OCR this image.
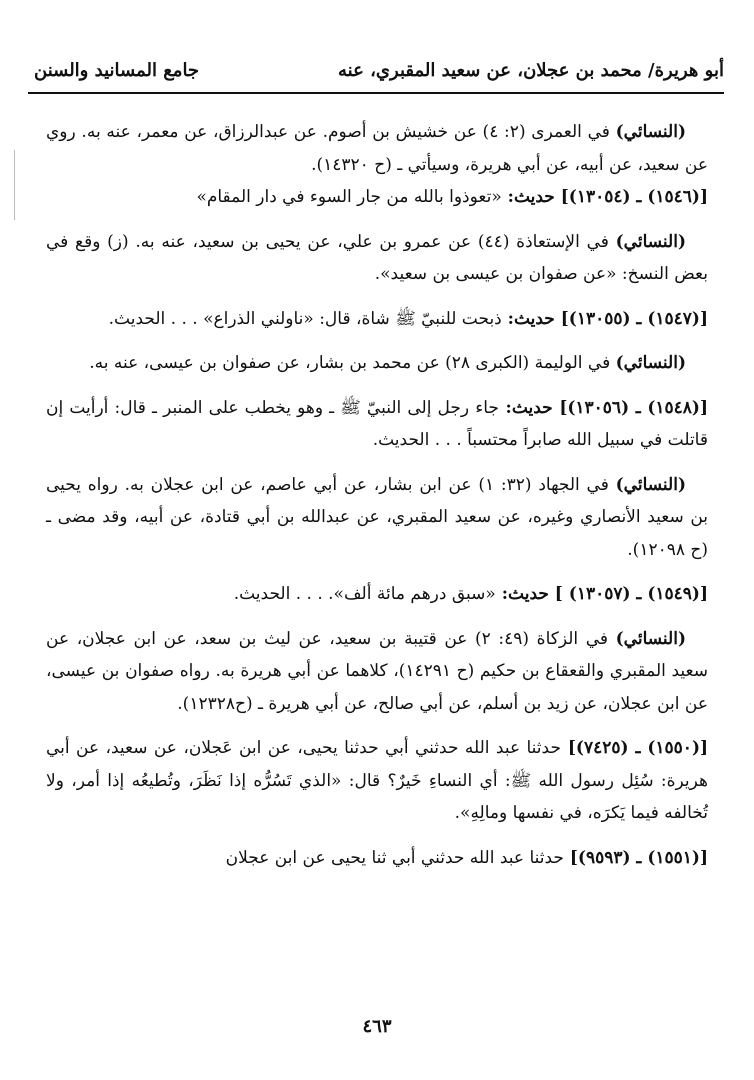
أبو هريرة/ محمد بن عجلان، عن سعيد المقبري، عنه
جامع المسانيد والسنن

(النسائي) في العمرى (٢: ٤) عن خشيش بن أصوم. عن عبدالرزاق، عن معمر، عنه به. روي عن سعيد، عن أبيه، عن أبي هريرة، وسيأتي ـ (ح ١٤٣٢٠).

[(١٥٤٦) ـ (١٣٠٥٤)] حديث: «تعوذوا بالله من جار السوء في دار المقام»

(النسائي) في الإستعاذة (٤٤) عن عمرو بن علي، عن يحيى بن سعيد، عنه به. (ز) وقع في بعض النسخ: «عن صفوان بن عيسى بن سعيد».

[(١٥٤٧) ـ (١٣٠٥٥)] حديث: ذبحت للنبيّ ﷺ شاة، قال: «ناولني الذراع» . . . الحديث.

(النسائي) في الوليمة (الكبرى ٢٨) عن محمد بن بشار، عن صفوان بن عيسى، عنه به.

[(١٥٤٨) ـ (١٣٠٥٦)] حديث: جاء رجل إلى النبيّ ﷺ ـ وهو يخطب على المنبر ـ قال: أرأيت إن قاتلت في سبيل الله صابراً محتسباً . . . الحديث.

(النسائي) في الجهاد (٣٢: ١) عن ابن بشار، عن أبي عاصم، عن ابن عجلان به. رواه يحيى بن سعيد الأنصاري وغيره، عن سعيد المقبري، عن عبدالله بن أبي قتادة، عن أبيه، وقد مضى ـ (ح ١٢٠٩٨).

[(١٥٤٩) ـ (١٣٠٥٧) ] حديث: «سبق درهم مائة ألف». . . . الحديث.

(النسائي) في الزكاة (٤٩: ٢) عن قتيبة بن سعيد، عن ليث بن سعد، عن ابن عجلان، عن سعيد المقبري والقعقاع بن حكيم (ح ١٤٢٩١)، كلاهما عن أبي هريرة به. رواه صفوان بن عيسى، عن ابن عجلان، عن زيد بن أسلم، عن أبي صالح، عن أبي هريرة ـ (ح١٢٣٢٨).

[(١٥٥٠) ـ (٧٤٢٥)] حدثنا عبد الله حدثني أبي حدثنا يحيى، عن ابن عَجلان، عن سعيد، عن أبي هريرة: سُئِل رسول الله ﷺ: أي النساءِ خَيرٌ؟ قال: «الذي تَسُرُّه إذا نَظَرَ، وتُطيعُه إذا أمر، ولا تُخالفه فيما يَكرَه، في نفسها ومالِهِ».

[(١٥٥١) ـ (٩٥٩٣)] حدثنا عبد الله حدثني أبي ثنا يحيى عن ابن عجلان

٤٦٣
